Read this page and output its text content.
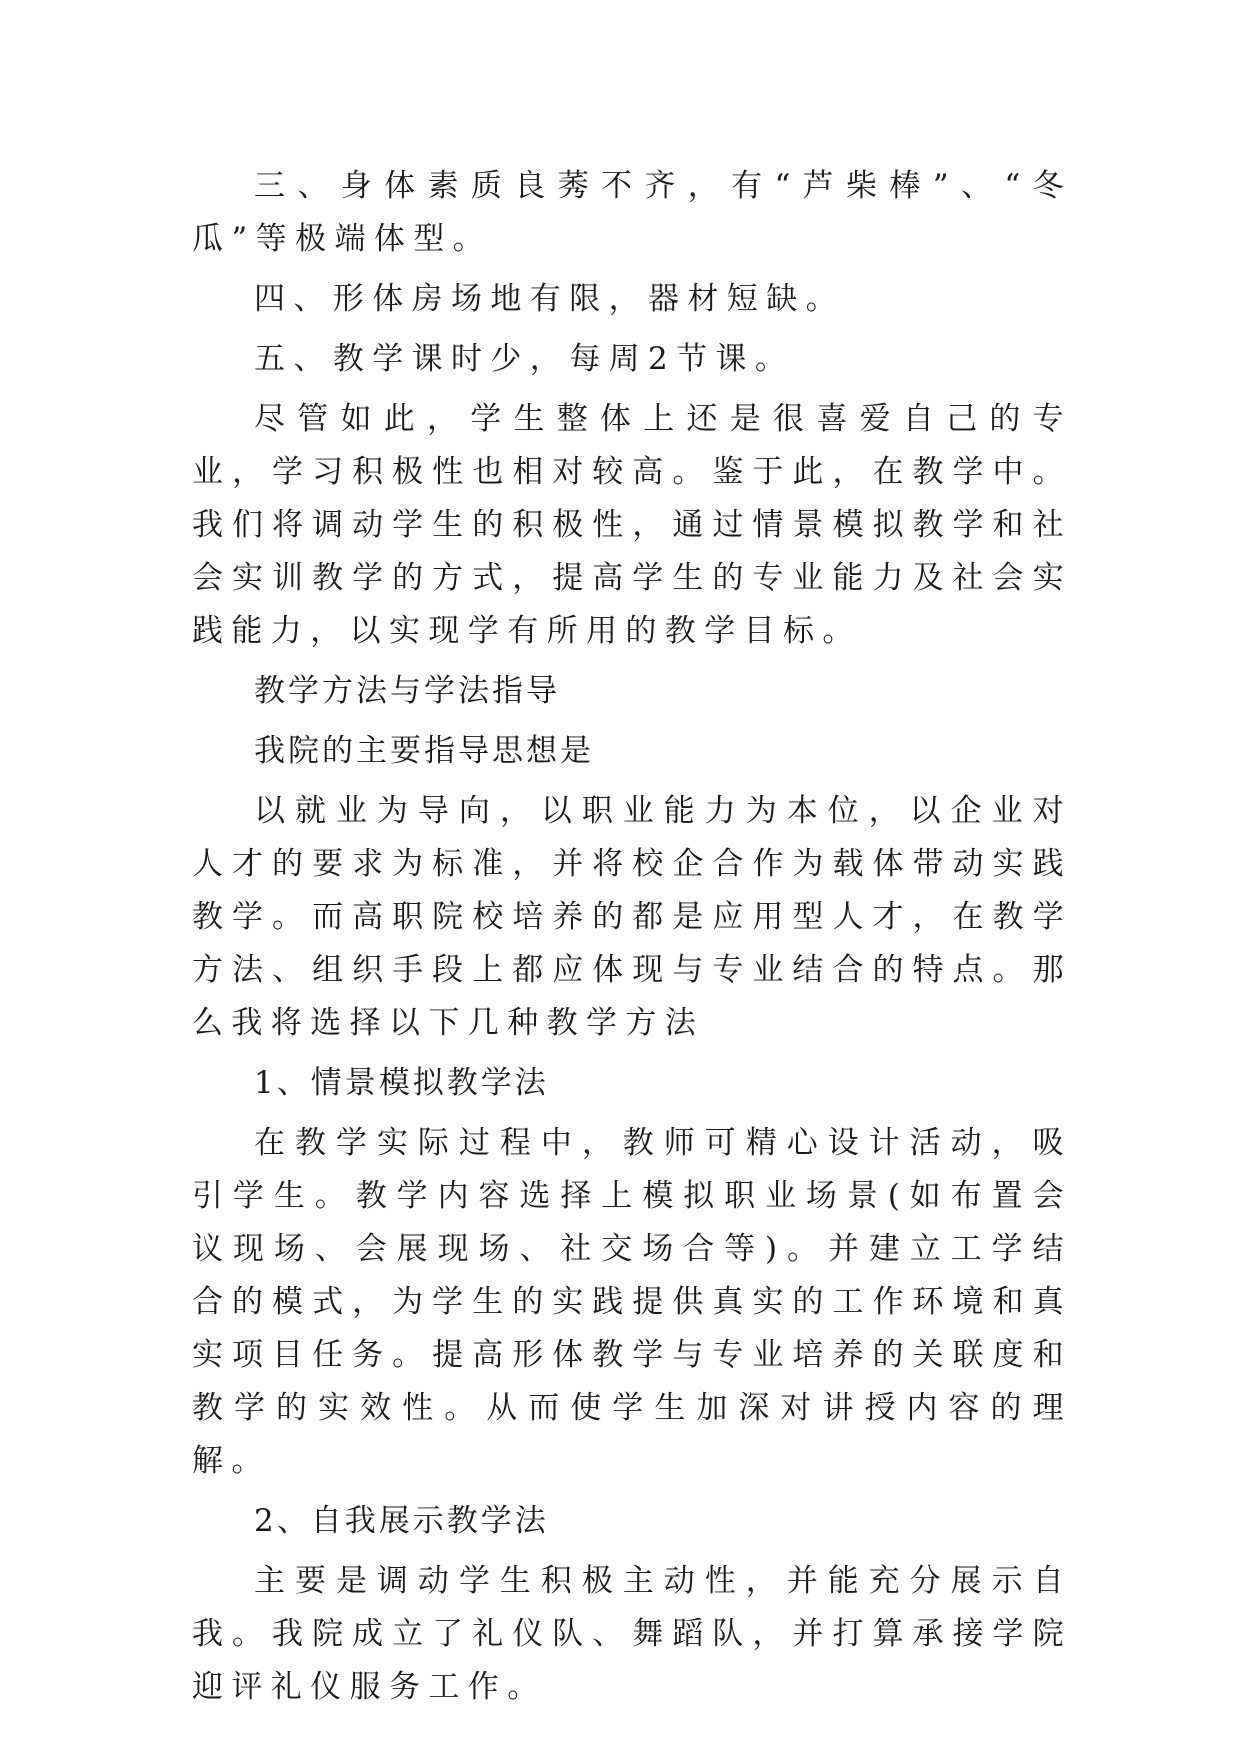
三、身体素质良莠不齐，有“芦柴棒”、“冬瓜”等极端体型。

四、形体房场地有限，器材短缺。

五、教学课时少，每周2节课。

尽管如此，学生整体上还是很喜爱自己的专业，学习积极性也相对较高。鉴于此，在教学中。我们将调动学生的积极性，通过情景模拟教学和社会实训教学的方式，提高学生的专业能力及社会实践能力，以实现学有所用的教学目标。

教学方法与学法指导

我院的主要指导思想是

以就业为导向，以职业能力为本位，以企业对人才的要求为标准，并将校企合作为载体带动实践教学。而高职院校培养的都是应用型人才，在教学方法、组织手段上都应体现与专业结合的特点。那么我将选择以下几种教学方法

1、情景模拟教学法

在教学实际过程中，教师可精心设计活动，吸引学生。教学内容选择上模拟职业场景(如布置会议现场、会展现场、社交场合等)。并建立工学结合的模式，为学生的实践提供真实的工作环境和真实项目任务。提高形体教学与专业培养的关联度和教学的实效性。从而使学生加深对讲授内容的理解。

2、自我展示教学法

主要是调动学生积极主动性，并能充分展示自我。我院成立了礼仪队、舞蹈队，并打算承接学院迎评礼仪服务工作。
